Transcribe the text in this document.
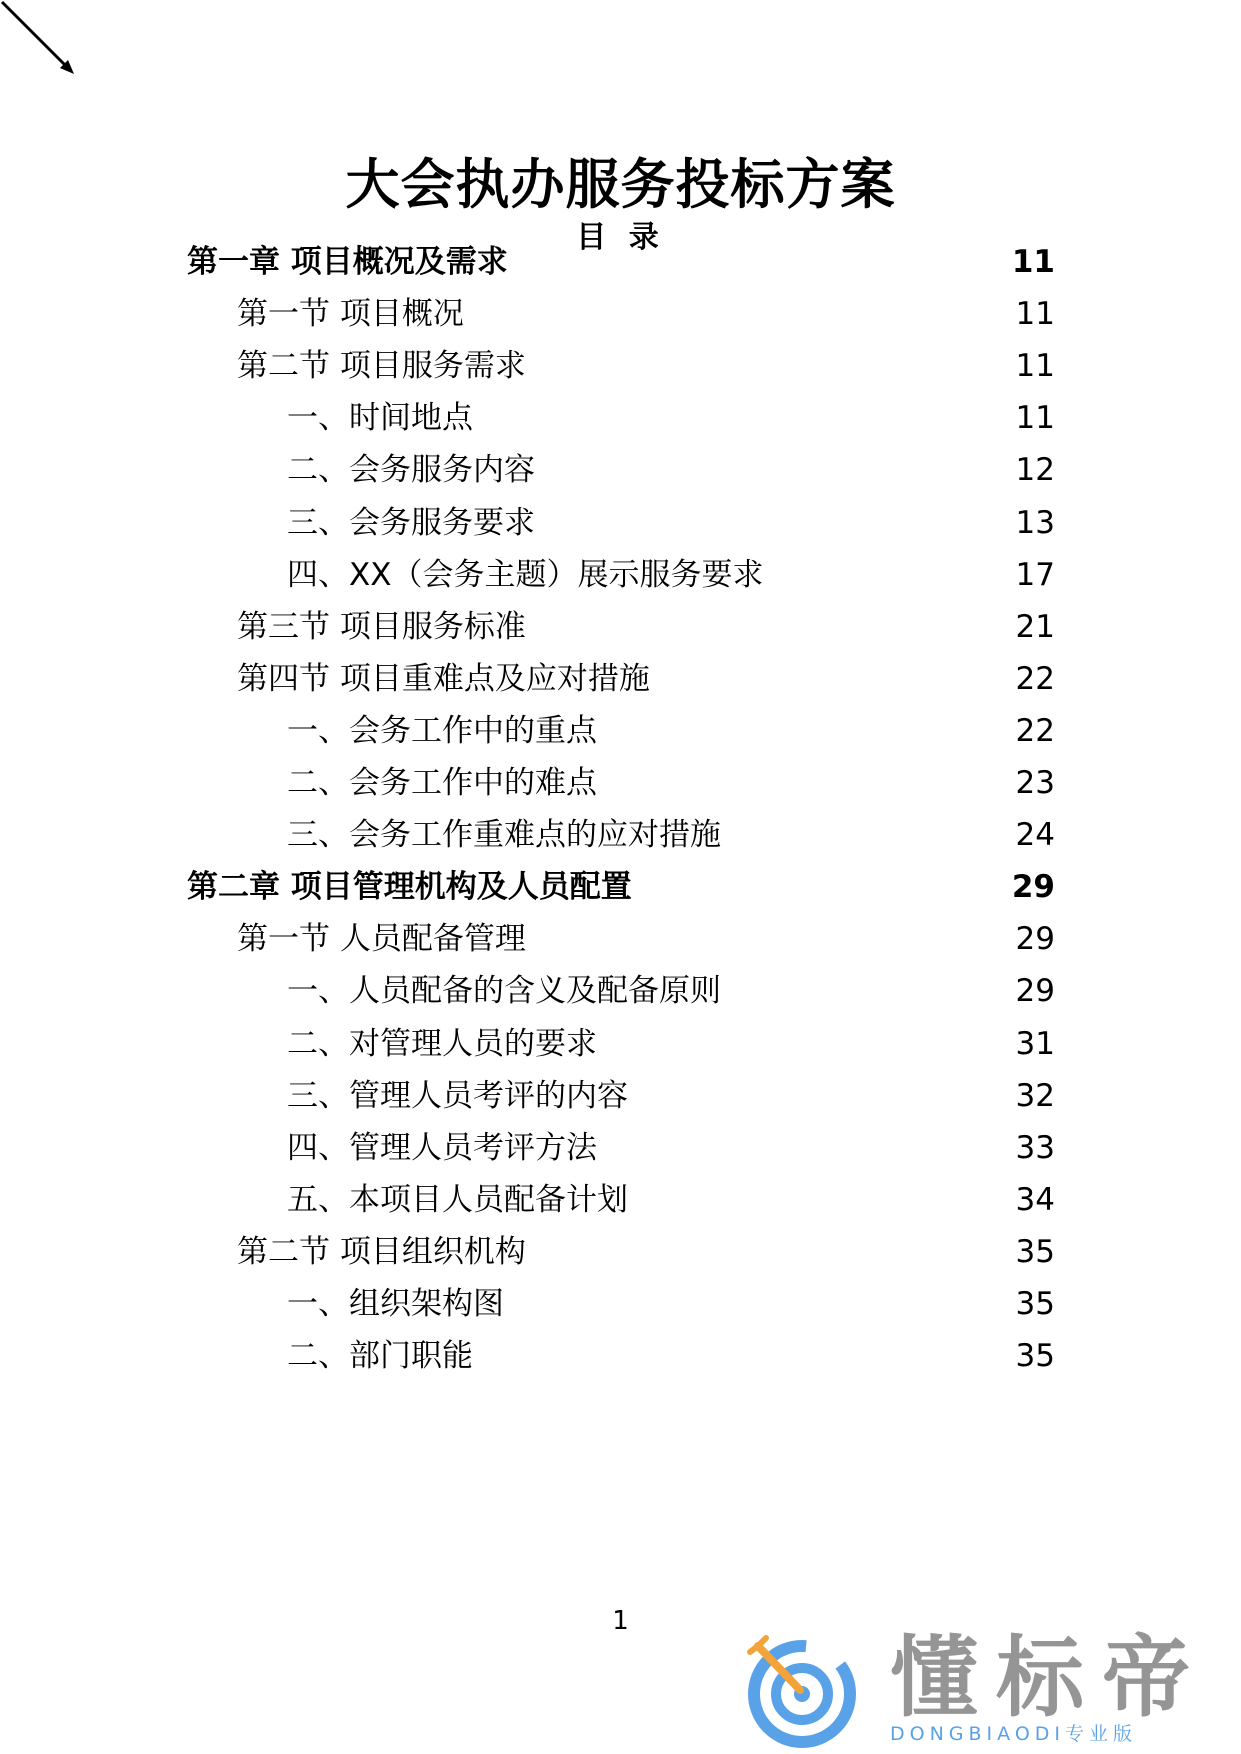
大会执办服务投标方案
目 录
第一章 项目概况及需求	11
第一节 项目概况	11
第二节 项目服务需求	11
一、时间地点	11
二、会务服务内容	12
三、会务服务要求	13
四、XX（会务主题）展示服务要求	17
第三节 项目服务标准	21
第四节 项目重难点及应对措施	22
一、会务工作中的重点	22
二、会务工作中的难点	23
三、会务工作重难点的应对措施	24
第二章 项目管理机构及人员配置	29
第一节 人员配备管理	29
一、人员配备的含义及配备原则	29
二、对管理人员的要求	31
三、管理人员考评的内容	32
四、管理人员考评方法	33
五、本项目人员配备计划	34
第二节 项目组织机构	35
一、组织架构图	35
二、部门职能	35
1
懂标帝
DONGBIAODI专业版
